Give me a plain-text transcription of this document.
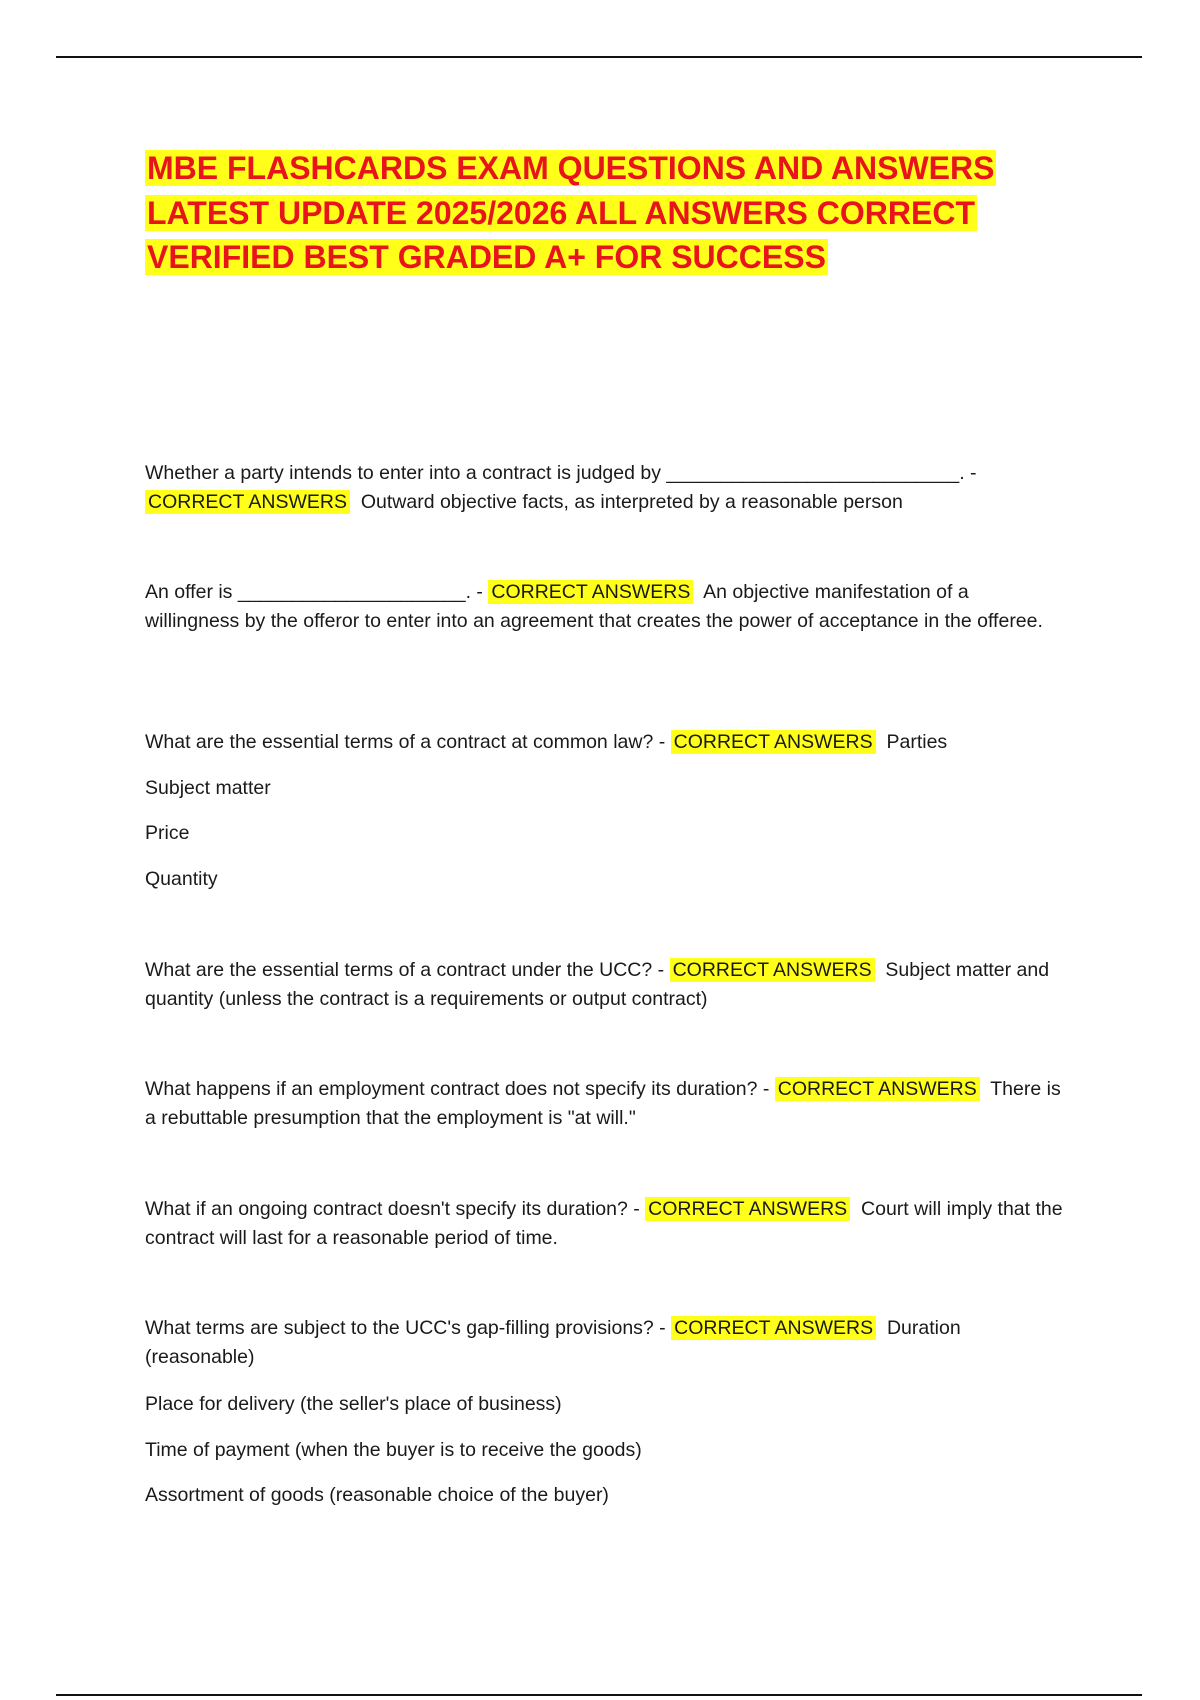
MBE FLASHCARDS EXAM QUESTIONS AND ANSWERS LATEST UPDATE 2025/2026 ALL ANSWERS CORRECT VERIFIED BEST GRADED A+ FOR SUCCESS

Whether a party intends to enter into a contract is judged by ___________________________. - CORRECT ANSWERS Outward objective facts, as interpreted by a reasonable person

An offer is _____________________. - CORRECT ANSWERS An objective manifestation of a willingness by the offeror to enter into an agreement that creates the power of acceptance in the offeree.

What are the essential terms of a contract at common law? - CORRECT ANSWERS Parties

Subject matter

Price

Quantity

What are the essential terms of a contract under the UCC? - CORRECT ANSWERS Subject matter and quantity (unless the contract is a requirements or output contract)

What happens if an employment contract does not specify its duration? - CORRECT ANSWERS There is a rebuttable presumption that the employment is "at will."

What if an ongoing contract doesn't specify its duration? - CORRECT ANSWERS Court will imply that the contract will last for a reasonable period of time.

What terms are subject to the UCC's gap-filling provisions? - CORRECT ANSWERS Duration (reasonable)

Place for delivery (the seller's place of business)

Time of payment (when the buyer is to receive the goods)

Assortment of goods (reasonable choice of the buyer)
